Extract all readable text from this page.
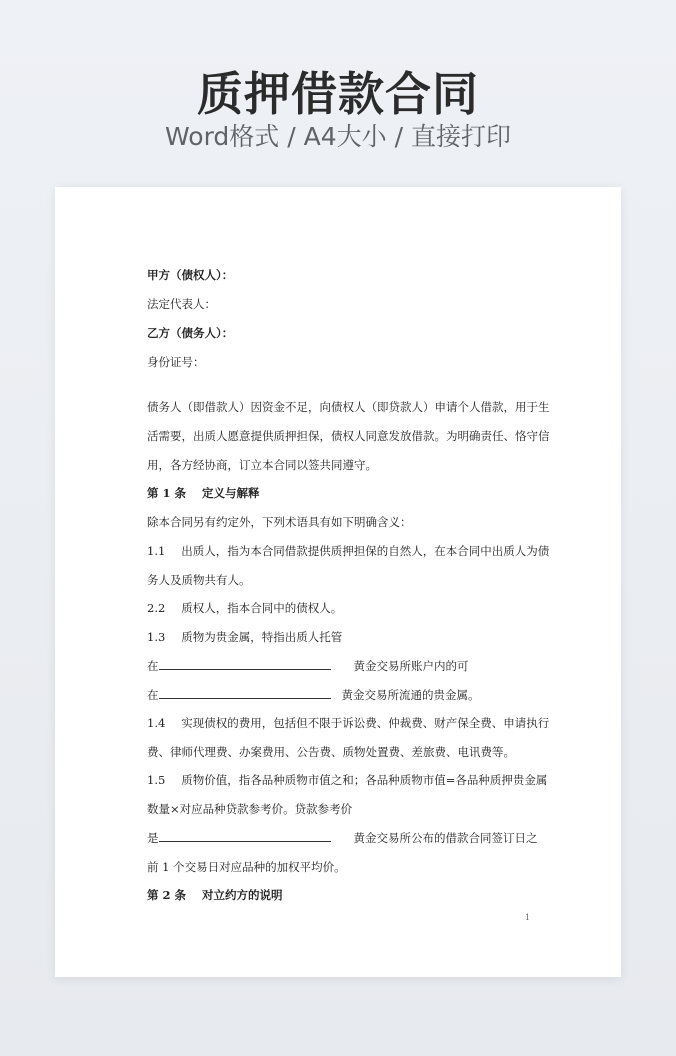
质押借款合同
Word格式 / A4大小 / 直接打印
甲方（债权人）：
法定代表人：
乙方（债务人）：
身份证号：
债务人（即借款人）因资金不足，向债权人（即贷款人）申请个人借款，用于生
活需要，出质人愿意提供质押担保，债权人同意发放借款。为明确责任、恪守信
用，各方经协商，订立本合同以签共同遵守。
第 1 条 定义与解释
除本合同另有约定外，下列术语具有如下明确含义：
1.1 出质人，指为本合同借款提供质押担保的自然人，在本合同中出质人为债
务人及质物共有人。
2.2 质权人，指本合同中的债权人。
1.3 质物为贵金属，特指出质人托管
在	黄金交易所账户内的可
在	黄金交易所流通的贵金属。
1.4 实现债权的费用，包括但不限于诉讼费、仲裁费、财产保全费、申请执行
费、律师代理费、办案费用、公告费、质物处置费、差旅费、电讯费等。
1.5 质物价值，指各品种质物市值之和；各品种质物市值=各品种质押贵金属
数量×对应品种贷款参考价。贷款参考价
是	黄金交易所公布的借款合同签订日之
前 1 个交易日对应品种的加权平均价。
第 2 条 对立约方的说明
1
